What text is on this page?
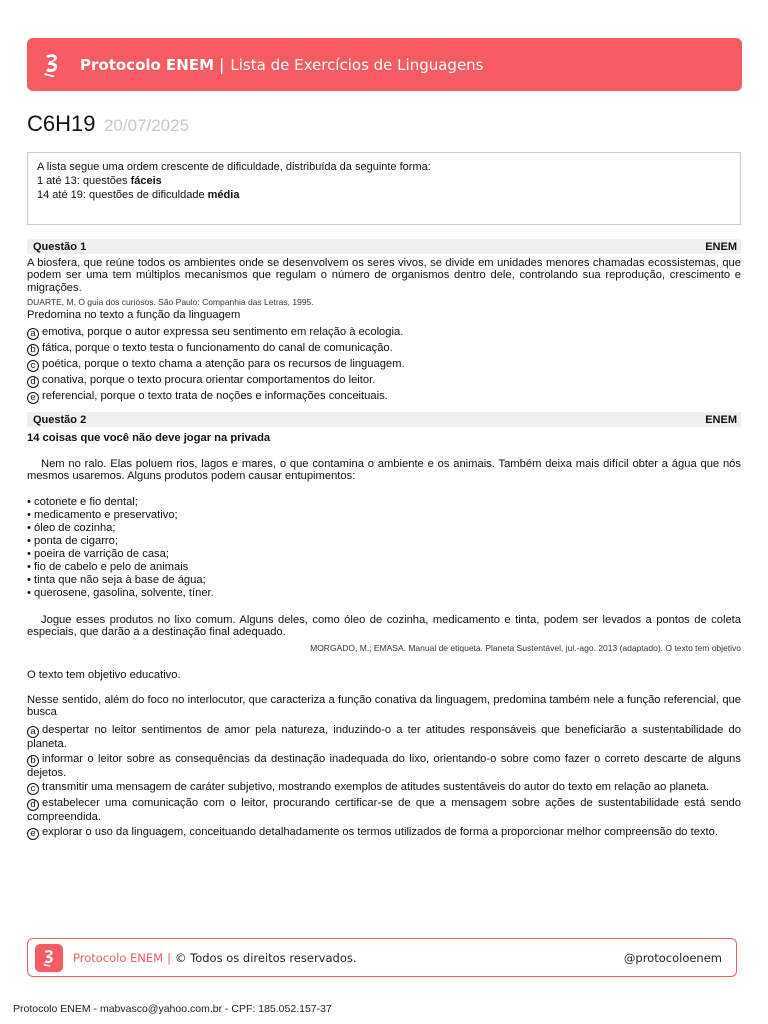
Protocolo ENEM | Lista de Exercícios de Linguagens
C6H19 20/07/2025
A lista segue uma ordem crescente de dificuldade, distribuída da seguinte forma:
1 até 13: questões fáceis
14 até 19: questões de dificuldade média
Questão 1	ENEM
A biosfera, que reúne todos os ambientes onde se desenvolvem os seres vivos, se divide em unidades menores chamadas ecossistemas, que podem ser uma tem múltiplos mecanismos que regulam o número de organismos dentro dele, controlando sua reprodução, crescimento e migrações.
DUARTE, M. O guia dos curiosos. São Paulo: Companhia das Letras, 1995.
Predomina no texto a função da linguagem
a emotiva, porque o autor expressa seu sentimento em relação à ecologia.
b fática, porque o texto testa o funcionamento do canal de comunicação.
c poética, porque o texto chama a atenção para os recursos de linguagem.
d conativa, porque o texto procura orientar comportamentos do leitor.
e referencial, porque o texto trata de noções e informações conceituais.
Questão 2	ENEM
14 coisas que você não deve jogar na privada
Nem no ralo. Elas poluem rios, lagos e mares, o que contamina o ambiente e os animais. Também deixa mais difícil obter a água que nós mesmos usaremos. Alguns produtos podem causar entupimentos:
• cotonete e fio dental;
• medicamento e preservativo;
• óleo de cozinha;
• ponta de cigarro;
• poeira de varrição de casa;
• fio de cabelo e pelo de animais
• tinta que não seja à base de água;
• querosene, gasolina, solvente, tíner.
Jogue esses produtos no lixo comum. Alguns deles, como óleo de cozinha, medicamento e tinta, podem ser levados a pontos de coleta especiais, que darão a a destinação final adequado.
MORGADO, M.; EMASA. Manual de etiqueta. Planeta Sustentável, jul.-ago. 2013 (adaptado). O texto tem objetivo
O texto tem objetivo educativo.
Nesse sentido, além do foco no interlocutor, que caracteriza a função conativa da linguagem, predomina também nele a função referencial, que busca
a despertar no leitor sentimentos de amor pela natureza, induzindo-o a ter atitudes responsáveis que beneficiarão a sustentabilidade do planeta.
b informar o leitor sobre as consequências da destinação inadequada do lixo, orientando-o sobre como fazer o correto descarte de alguns dejetos.
c transmitir uma mensagem de caráter subjetivo, mostrando exemplos de atitudes sustentáveis do autor do texto em relação ao planeta.
d estabelecer uma comunicação com o leitor, procurando certificar-se de que a mensagem sobre ações de sustentabilidade está sendo compreendida.
e explorar o uso da linguagem, conceituando detalhadamente os termos utilizados de forma a proporcionar melhor compreensão do texto.
Protocolo ENEM | © Todos os direitos reservados.	@protocoloenem
Protocolo ENEM - mabvasco@yahoo.com.br - CPF: 185.052.157-37
